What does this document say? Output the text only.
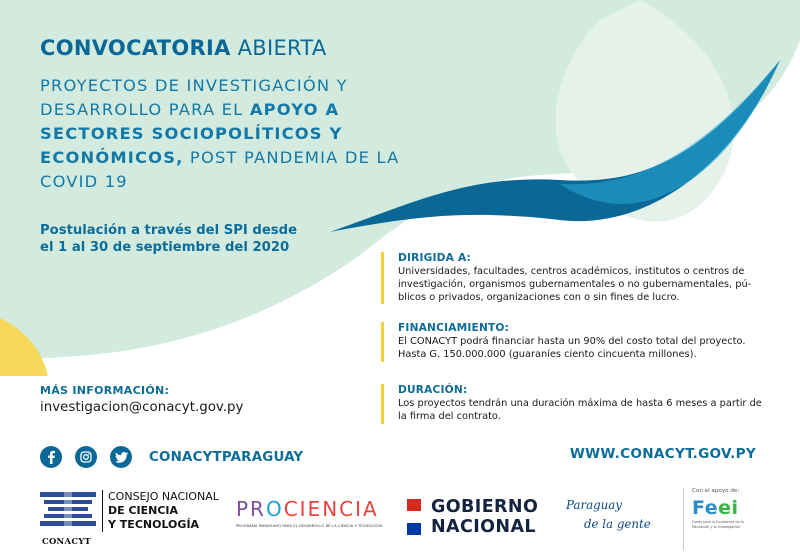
CONVOCATORIA ABIERTA
PROYECTOS DE INVESTIGACIÓN Y DESARROLLO PARA EL APOYO A SECTORES SOCIOPOLÍTICOS Y ECONÓMICOS, POST PANDEMIA DE LA COVID 19
Postulación a través del SPI desde
el 1 al 30 de septiembre del 2020
DIRIGIDA A:
Universidades, facultades, centros académicos, institutos o centros de investigación, organismos gubernamentales o no gubernamentales, pú-blicos o privados, organizaciones con o sin fines de lucro.
FINANCIAMIENTO:
El CONACYT podrá financiar hasta un 90% del costo total del proyecto.
Hasta G. 150.000.000 (guaraníes ciento cincuenta millones).
DURACIÓN:
Los proyectos tendrán una duración máxima de hasta 6 meses a partir de la firma del contrato.
MÁS INFORMACIÓN:
investigacion@conacyt.gov.py
CONACYTPARAGUAY	WWW.CONACYT.GOV.PY
CONACYT
CONSEJO NACIONAL
DE CIENCIA
Y TECNOLOGÍA
PROCIENCIA
PROGRAMA PARAGUAYO PARA EL DESARROLLO DE LA CIENCIA Y TECNOLOGÍA
GOBIERNO
NACIONAL
Paraguay
de la gente
Con el apoyo de:
Feei
Fondo para la Excelencia de la Educación y la Investigación
